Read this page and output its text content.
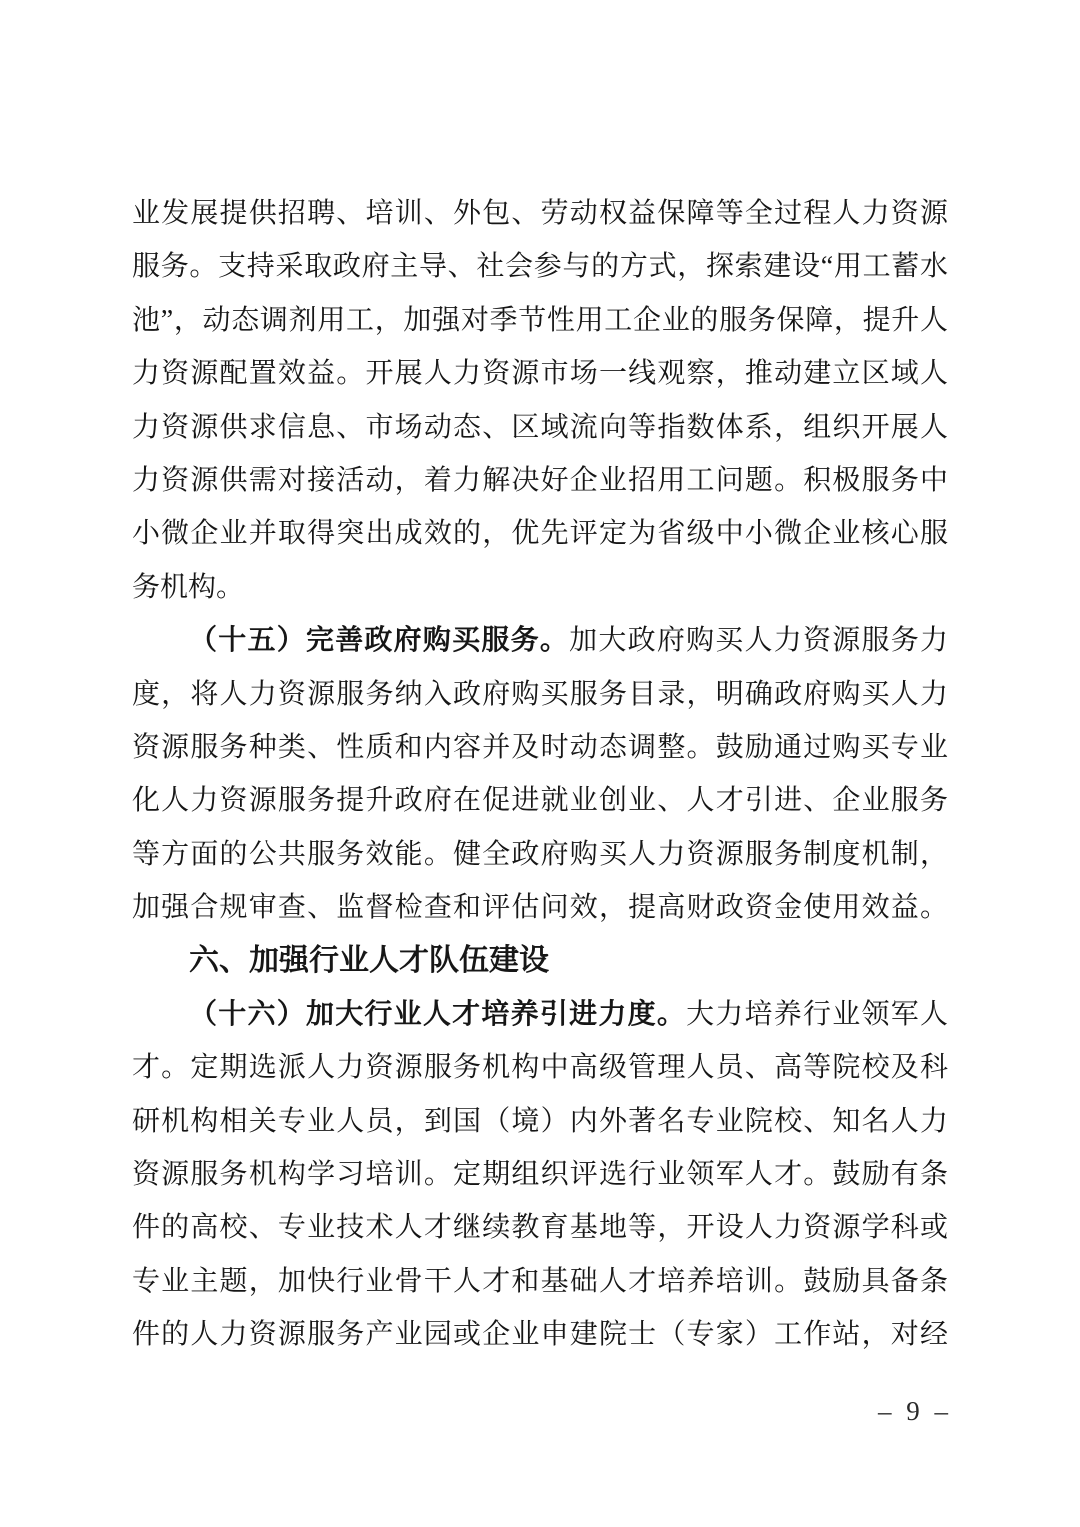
业发展提供招聘、培训、外包、劳动权益保障等全过程人力资源
服务。支持采取政府主导、社会参与的方式，探索建设“用工蓄水
池”，动态调剂用工，加强对季节性用工企业的服务保障，提升人
力资源配置效益。开展人力资源市场一线观察，推动建立区域人
力资源供求信息、市场动态、区域流向等指数体系，组织开展人
力资源供需对接活动，着力解决好企业招用工问题。积极服务中
小微企业并取得突出成效的，优先评定为省级中小微企业核心服
务机构。
（十五）完善政府购买服务。加大政府购买人力资源服务力
度，将人力资源服务纳入政府购买服务目录，明确政府购买人力
资源服务种类、性质和内容并及时动态调整。鼓励通过购买专业
化人力资源服务提升政府在促进就业创业、人才引进、企业服务
等方面的公共服务效能。健全政府购买人力资源服务制度机制，
加强合规审查、监督检查和评估问效，提高财政资金使用效益。
六、加强行业人才队伍建设
（十六）加大行业人才培养引进力度。大力培养行业领军人
才。定期选派人力资源服务机构中高级管理人员、高等院校及科
研机构相关专业人员，到国（境）内外著名专业院校、知名人力
资源服务机构学习培训。定期组织评选行业领军人才。鼓励有条
件的高校、专业技术人才继续教育基地等，开设人力资源学科或
专业主题，加快行业骨干人才和基础人才培养培训。鼓励具备条
件的人力资源服务产业园或企业申建院士（专家）工作站，对经
– 9 –
